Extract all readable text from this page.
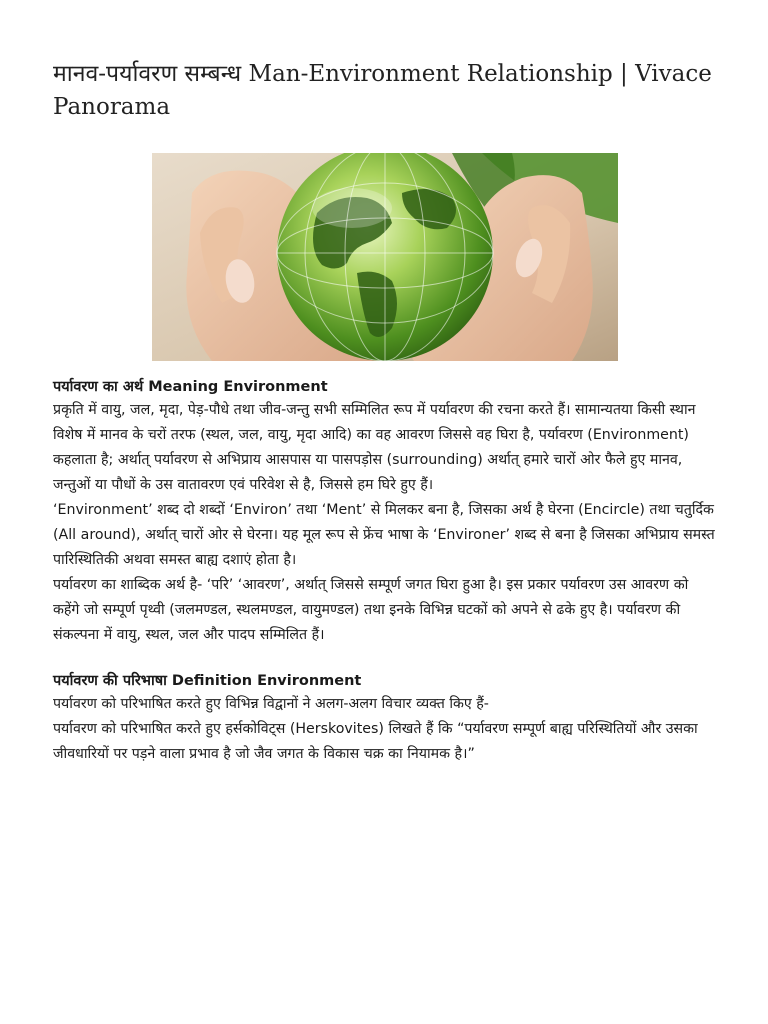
मानव-पर्यावरण सम्बन्ध Man-Environment Relationship | Vivace Panorama
पर्यावरण का अर्थ Meaning Environment

प्रकृति में वायु, जल, मृदा, पेड़-पौधे तथा जीव-जन्तु सभी सम्मिलित रूप में पर्यावरण की रचना करते हैं। सामान्यतया किसी स्थान विशेष में मानव के चरों तरफ (स्थल, जल, वायु, मृदा आदि) का वह आवरण जिससे वह घिरा है, पर्यावरण (Environment) कहलाता है; अर्थात् पर्यावरण से अभिप्राय आसपास या पासपड़ोस (surrounding) अर्थात् हमारे चारों ओर फैले हुए मानव, जन्तुओं या पौधों के उस वातावरण एवं परिवेश से है, जिससे हम घिरे हुए हैं।

‘Environment’ शब्द दो शब्दों ‘Environ’ तथा ‘Ment’ से मिलकर बना है, जिसका अर्थ है घेरना (Encircle) तथा चतुर्दिक (All around), अर्थात् चारों ओर से घेरना। यह मूल रूप से फ्रेंच भाषा के ‘Environer’ शब्द से बना है जिसका अभिप्राय समस्त पारिस्थितिकी अथवा समस्त बाह्य दशाएं होता है।

पर्यावरण का शाब्दिक अर्थ है- ‘परि’ ‘आवरण’, अर्थात् जिससे सम्पूर्ण जगत घिरा हुआ है। इस प्रकार पर्यावरण उस आवरण को कहेंगे जो सम्पूर्ण पृथ्वी (जलमण्डल, स्थलमण्डल, वायुमण्डल) तथा इनके विभिन्न घटकों को अपने से ढके हुए है। पर्यावरण की संकल्पना में वायु, स्थल, जल और पादप सम्मिलित हैं।

पर्यावरण की परिभाषा Definition Environment

पर्यावरण को परिभाषित करते हुए विभिन्न विद्वानों ने अलग-अलग विचार व्यक्त किए हैं-

पर्यावरण को परिभाषित करते हुए हर्सकोविट्स (Herskovites) लिखते हैं कि “पर्यावरण सम्पूर्ण बाह्य परिस्थितियों और उसका जीवधारियों पर पड़ने वाला प्रभाव है जो जैव जगत के विकास चक्र का नियामक है।”
